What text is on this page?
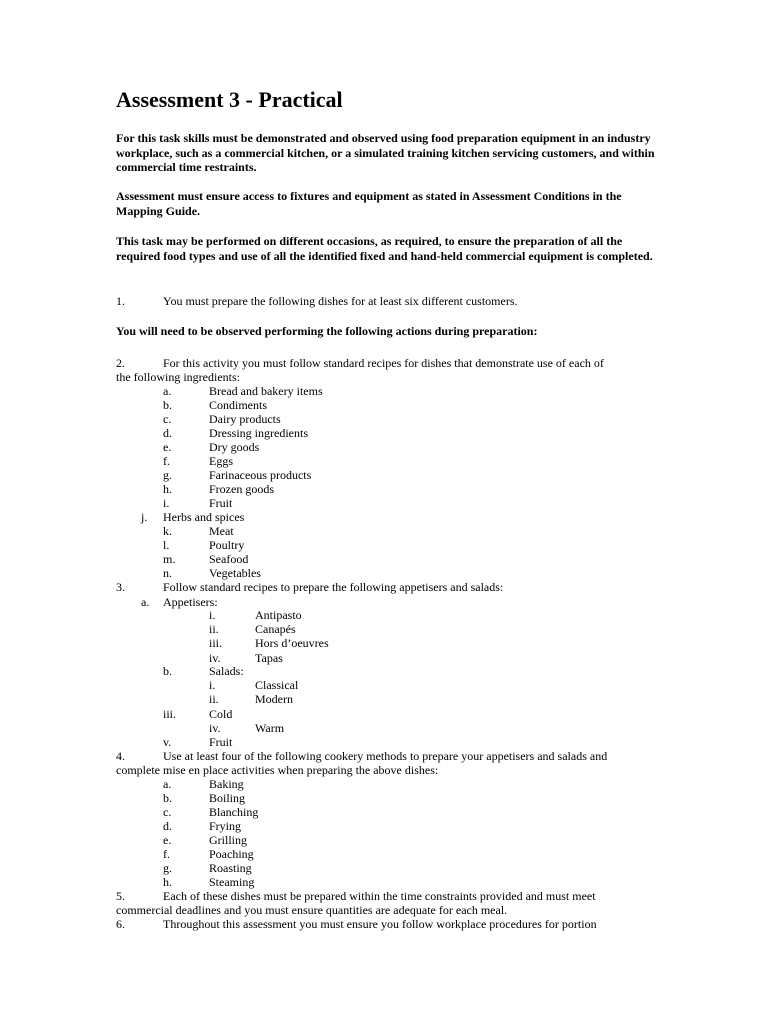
Assessment 3 - Practical

For this task skills must be demonstrated and observed using food preparation equipment in an industry workplace, such as a commercial kitchen, or a simulated training kitchen servicing customers, and within commercial time restraints.

Assessment must ensure access to fixtures and equipment as stated in Assessment Conditions in the Mapping Guide.

This task may be performed on different occasions, as required, to ensure the preparation of all the required food types and use of all the identified fixed and hand-held commercial equipment is completed.

1.	You must prepare the following dishes for at least six different customers.
You will need to be observed performing the following actions during preparation:
2.	For this activity you must follow standard recipes for dishes that demonstrate use of each of
the following ingredients:
a.	Bread and bakery items
b.	Condiments
c.	Dairy products
d.	Dressing ingredients
e.	Dry goods
f.	Eggs
g.	Farinaceous products
h.	Frozen goods
i.	Fruit
j. Herbs and spices
k.	Meat
l.	Poultry
m.	Seafood
n.	Vegetables
3.	Follow standard recipes to prepare the following appetisers and salads:
a. Appetisers:
i.	Antipasto
ii.	Canapés
iii.	Hors d’oeuvres
iv.	Tapas
b.	Salads:
i.	Classical
ii.	Modern
iii.	Cold
iv.	Warm
v.	Fruit
4.	Use at least four of the following cookery methods to prepare your appetisers and salads and
complete mise en place activities when preparing the above dishes:
a.	Baking
b.	Boiling
c.	Blanching
d.	Frying
e.	Grilling
f.	Poaching
g.	Roasting
h.	Steaming
5.	Each of these dishes must be prepared within the time constraints provided and must meet
commercial deadlines and you must ensure quantities are adequate for each meal.
6.	Throughout this assessment you must ensure you follow workplace procedures for portion
